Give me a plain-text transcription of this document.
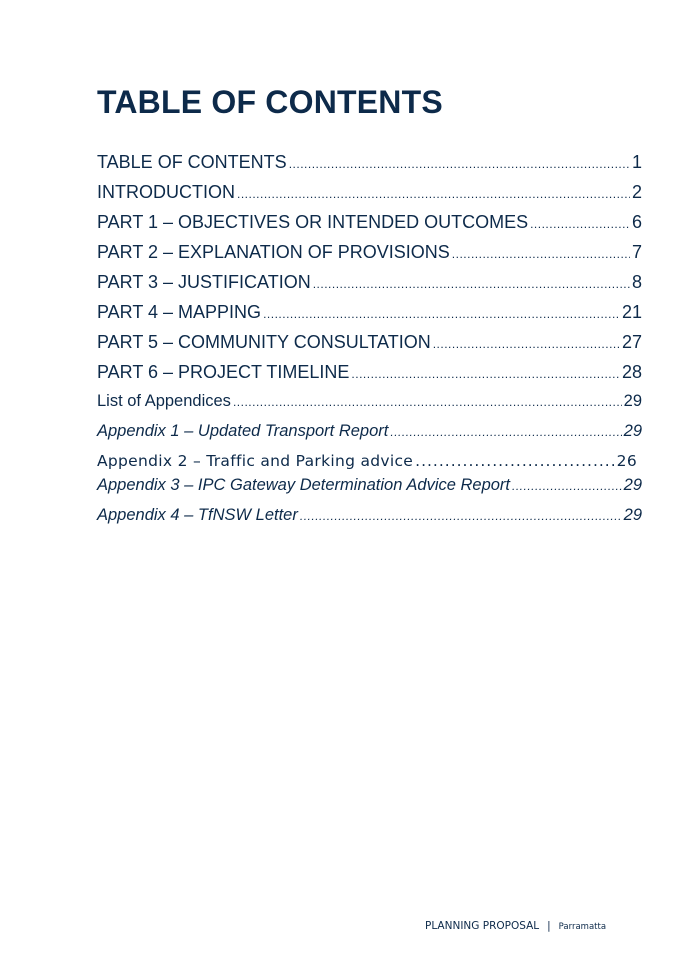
TABLE OF CONTENTS
TABLE OF CONTENTS .....	1
INTRODUCTION .....	2
PART 1 – OBJECTIVES OR INTENDED OUTCOMES .....	6
PART 2 – EXPLANATION OF PROVISIONS .....	7
PART 3 – JUSTIFICATION .....	8
PART 4 – MAPPING .....	21
PART 5 – COMMUNITY CONSULTATION .....	27
PART 6 – PROJECT TIMELINE .....	28
List of Appendices .....	29
Appendix 1 – Updated Transport Report .....	29
Appendix 2 – Traffic and Parking advice .....	26
Appendix 3 – IPC Gateway Determination Advice Report .....	29
Appendix 4 – TfNSW Letter .....	29
PLANNING PROPOSAL | Parramatta
